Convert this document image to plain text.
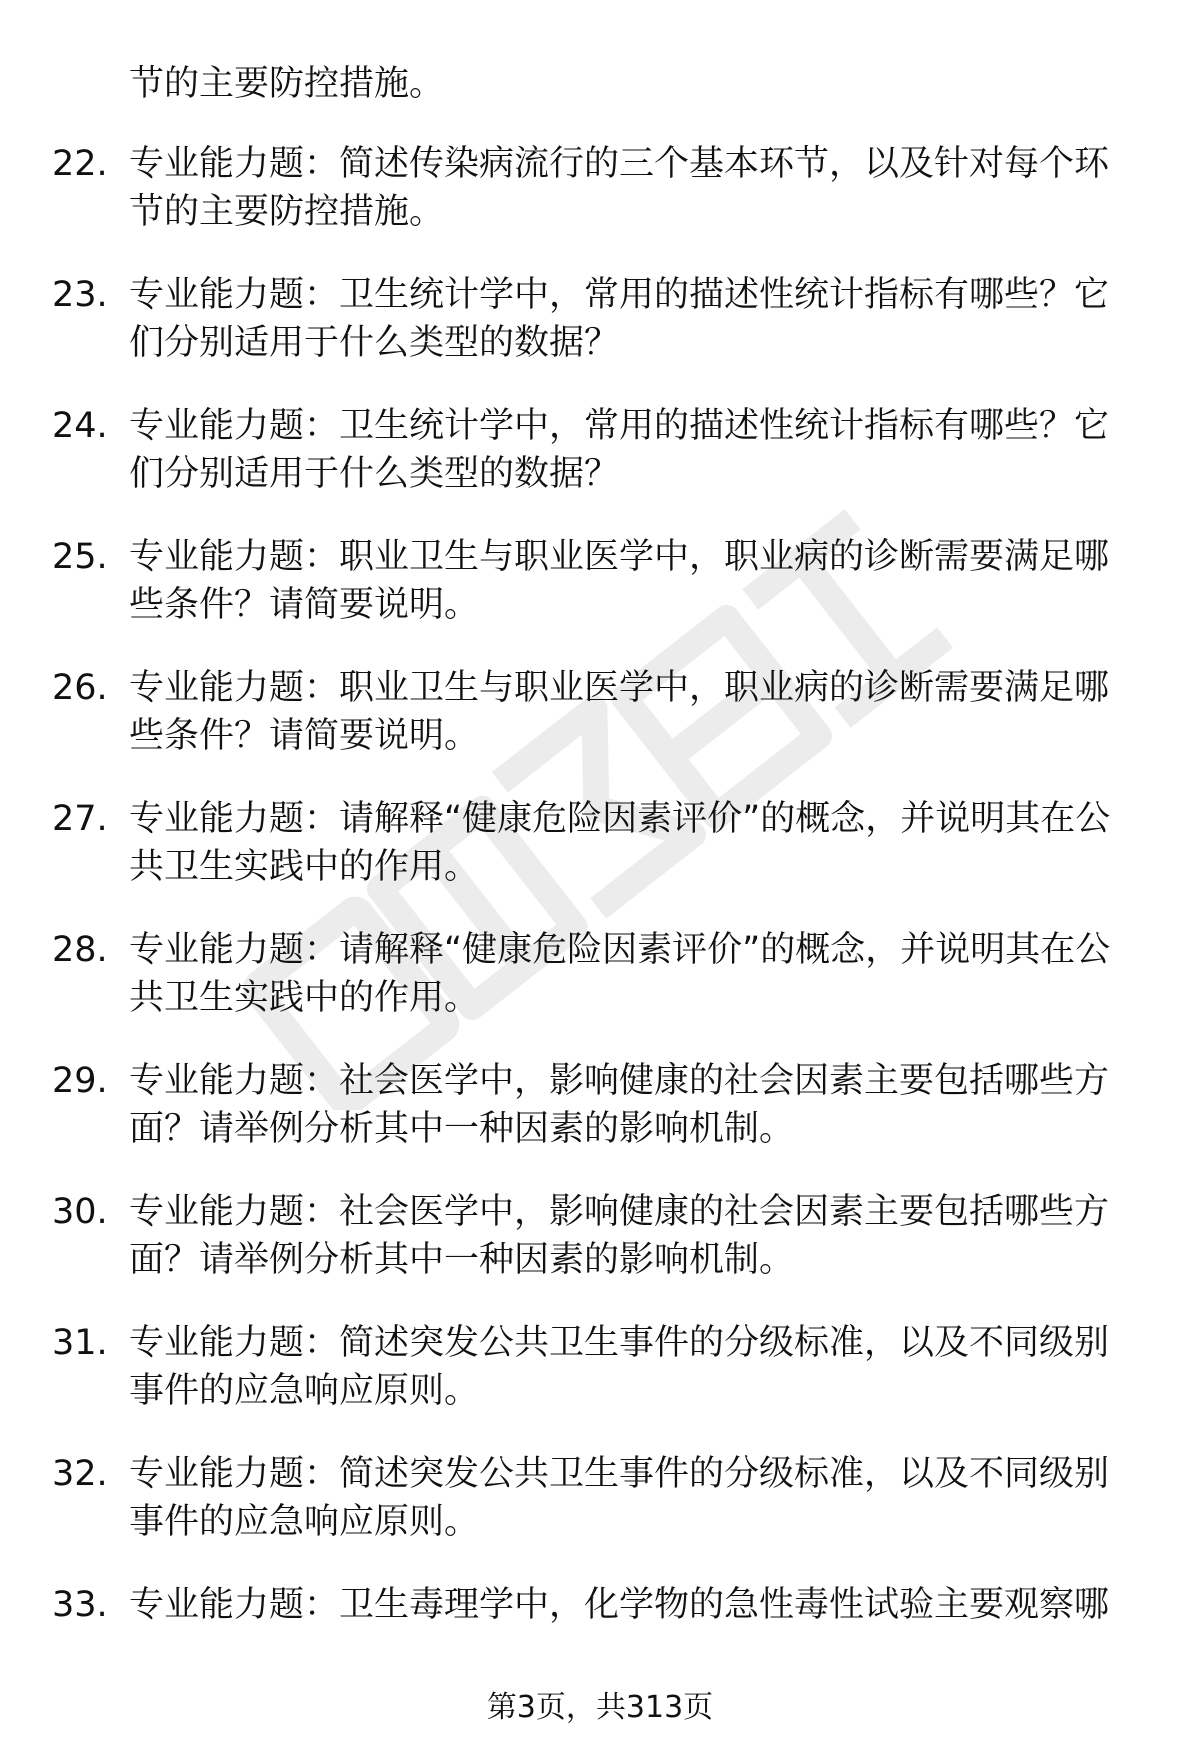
节的主要防控措施。

22. 专业能力题：简述传染病流行的三个基本环节，以及针对每个环节的主要防控措施。
23. 专业能力题：卫生统计学中，常用的描述性统计指标有哪些？它们分别适用于什么类型的数据？
24. 专业能力题：卫生统计学中，常用的描述性统计指标有哪些？它们分别适用于什么类型的数据？
25. 专业能力题：职业卫生与职业医学中，职业病的诊断需要满足哪些条件？请简要说明。
26. 专业能力题：职业卫生与职业医学中，职业病的诊断需要满足哪些条件？请简要说明。
27. 专业能力题：请解释“健康危险因素评价”的概念，并说明其在公共卫生实践中的作用。
28. 专业能力题：请解释“健康危险因素评价”的概念，并说明其在公共卫生实践中的作用。
29. 专业能力题：社会医学中，影响健康的社会因素主要包括哪些方面？请举例分析其中一种因素的影响机制。
30. 专业能力题：社会医学中，影响健康的社会因素主要包括哪些方面？请举例分析其中一种因素的影响机制。
31. 专业能力题：简述突发公共卫生事件的分级标准，以及不同级别事件的应急响应原则。
32. 专业能力题：简述突发公共卫生事件的分级标准，以及不同级别事件的应急响应原则。
33. 专业能力题：卫生毒理学中，化学物的急性毒性试验主要观察哪
第3页，共313页
